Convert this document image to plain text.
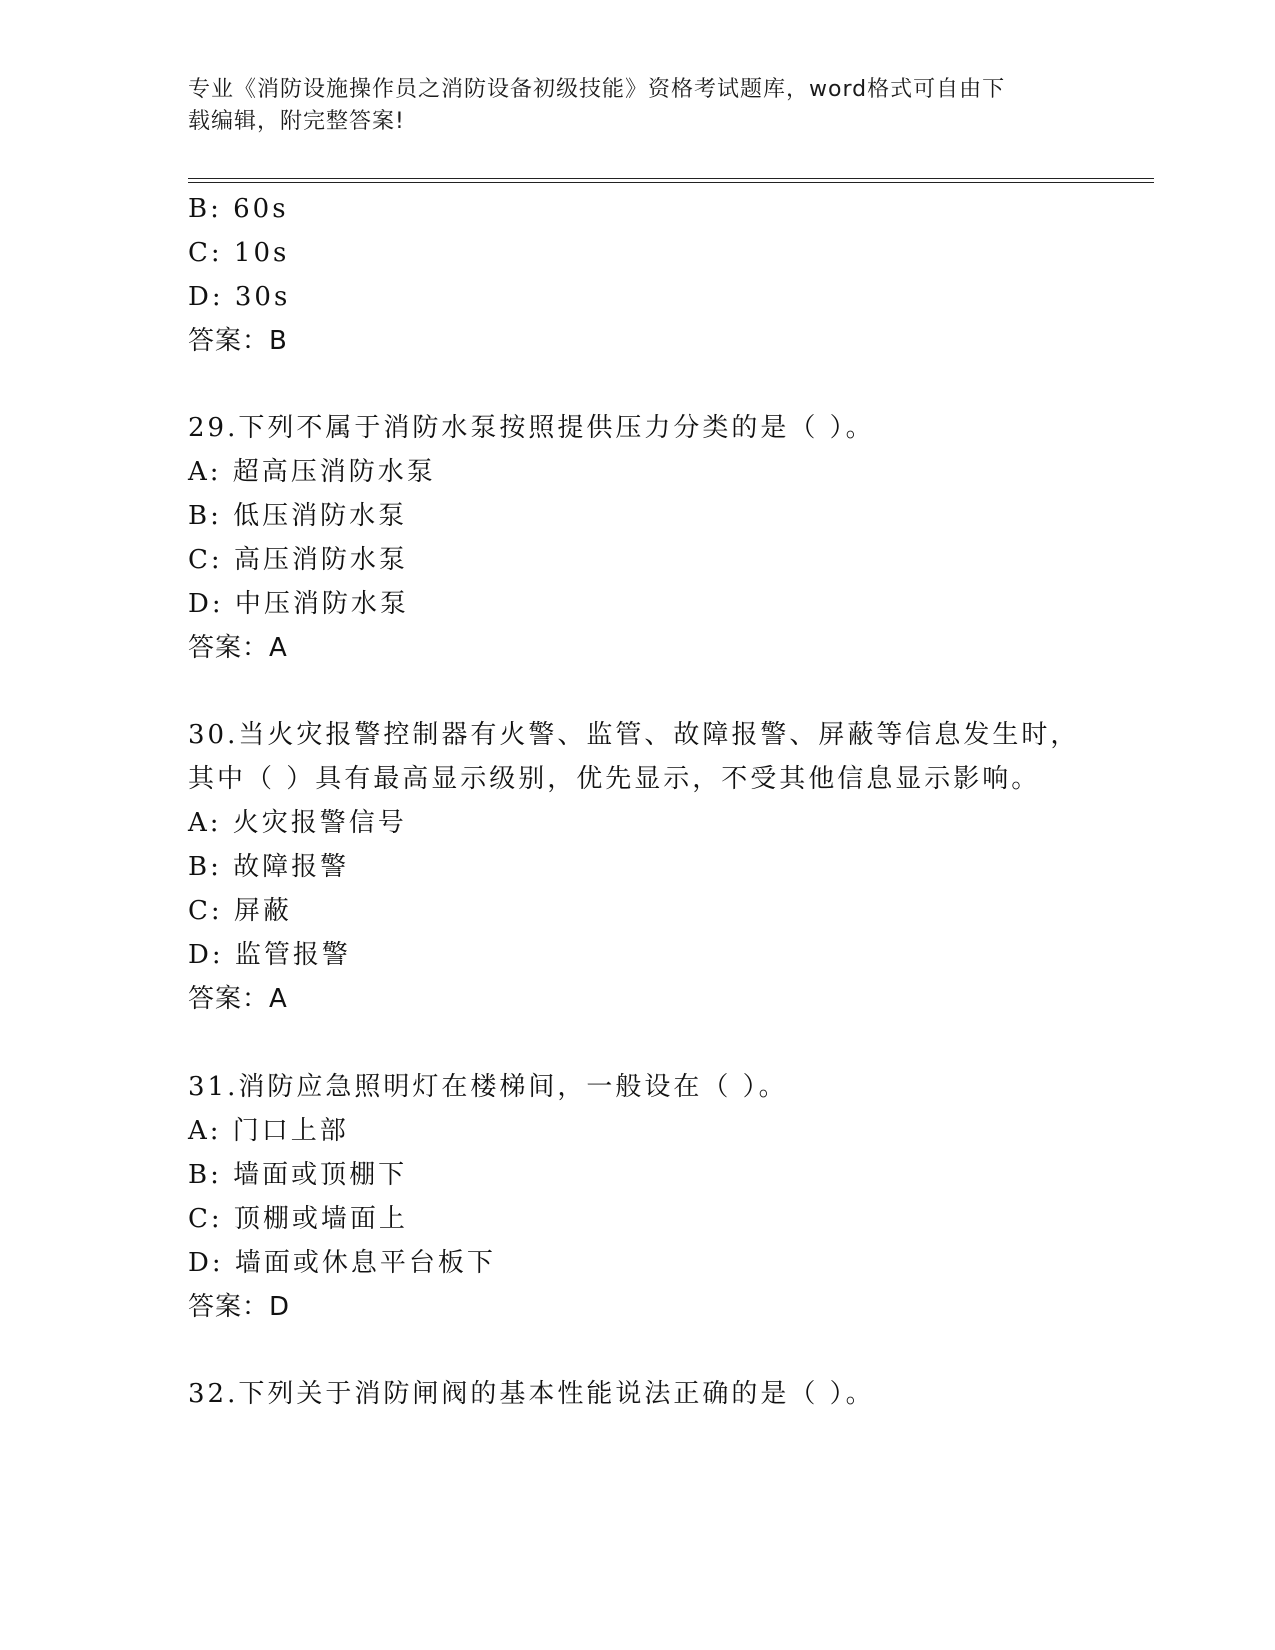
专业《消防设施操作员之消防设备初级技能》资格考试题库，word格式可自由下
载编辑，附完整答案!
B: 60s
C: 10s
D: 30s
答案：B
29.下列不属于消防水泵按照提供压力分类的是（ ）。
A: 超高压消防水泵
B: 低压消防水泵
C: 高压消防水泵
D: 中压消防水泵
答案：A
30.当火灾报警控制器有火警、监管、故障报警、屏蔽等信息发生时，
其中（ ）具有最高显示级别，优先显示，不受其他信息显示影响。
A: 火灾报警信号
B: 故障报警
C: 屏蔽
D: 监管报警
答案：A
31.消防应急照明灯在楼梯间，一般设在（ ）。
A: 门口上部
B: 墙面或顶棚下
C: 顶棚或墙面上
D: 墙面或休息平台板下
答案：D
32.下列关于消防闸阀的基本性能说法正确的是（ ）。
